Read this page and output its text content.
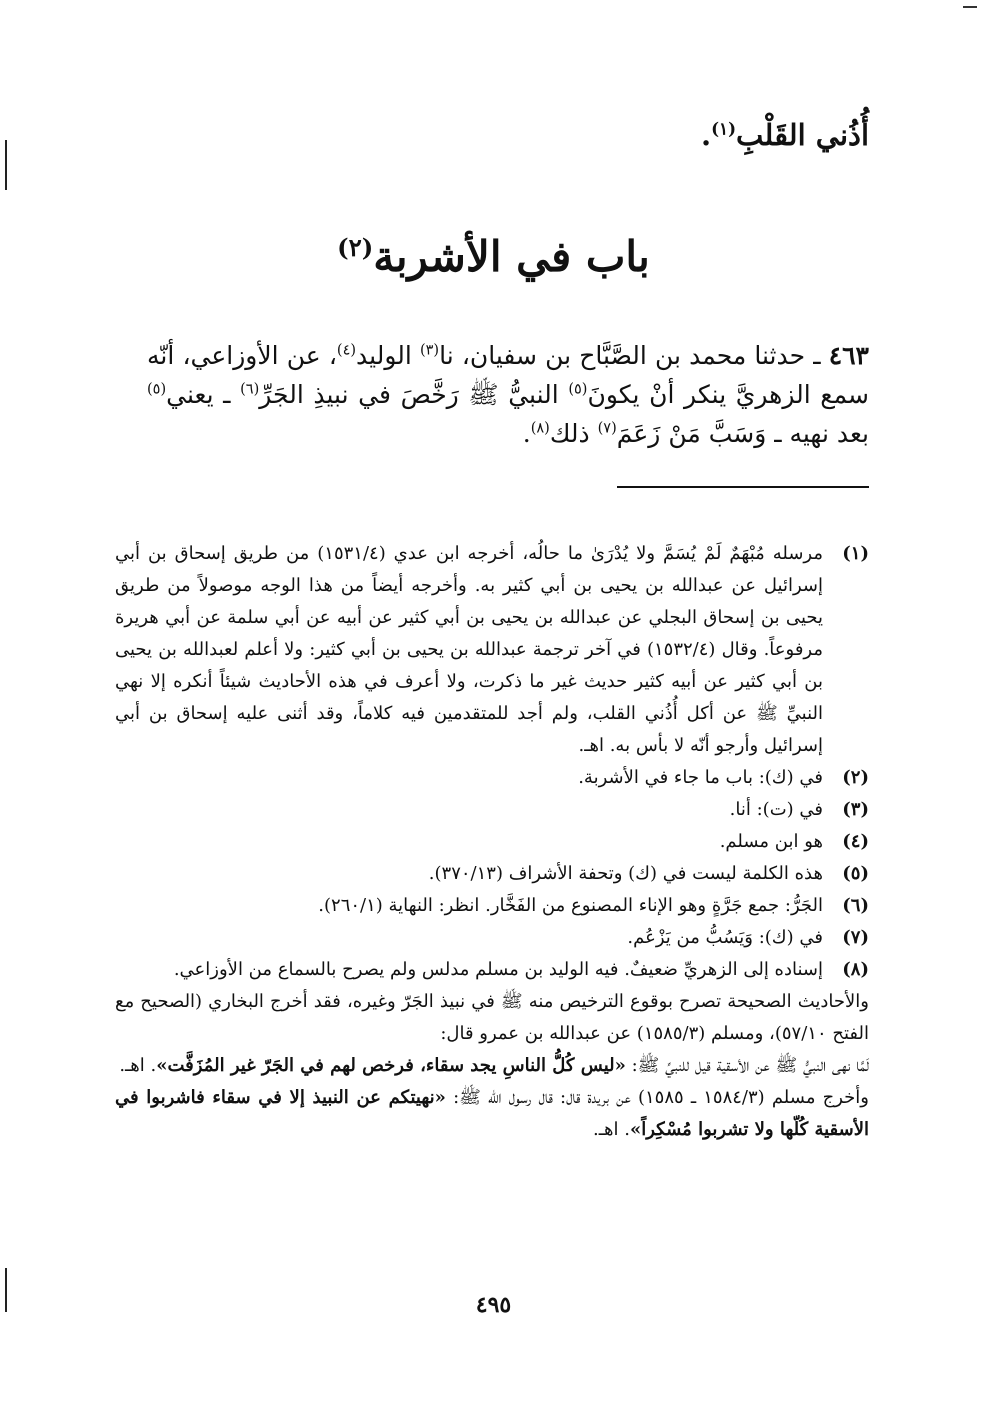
أُذُني القَلْبِ$^{(١)}$.
باب في الأشربة$^{(٢)}$
٤٦٣ ـ حدثنا محمد بن الصَّبَّاح بن سفيان، نا$^{(٣)}$ الوليد$^{(٤)}$، عن الأوزاعي، أنّه سمع الزهريَّ ينكر أنْ يكونَ$^{(٥)}$ النبيُّ ﷺ رَخَّصَ في نبيذِ الجَرِّ$^{(٦)}$ ـ يعني$^{(٥)}$ بعد نهيه ـ وَسَبَّ مَنْ زَعَمَ$^{(٧)}$ ذلك$^{(٨)}$.
(١)
مرسله مُبْهَمٌ لَمْ يُسَمَّ ولا يُدْرَىٰ ما حالُه، أخرجه ابن عدي (١٥٣١/٤) من طريق إسحاق بن أبي إسرائيل عن عبدالله بن يحيى بن أبي كثير به. وأخرجه أيضاً من هذا الوجه موصولاً من طريق يحيى بن إسحاق البجلي عن عبدالله بن يحيى بن أبي كثير عن أبيه عن أبي سلمة عن أبي هريرة مرفوعاً. وقال (١٥٣٢/٤) في آخر ترجمة عبدالله بن يحيى بن أبي كثير: ولا أعلم لعبدالله بن يحيى بن أبي كثير عن أبيه كثير حديث غير ما ذكرت، ولا أعرف في هذه الأحاديث شيئاً أنكره إلا نهي النبيِّ ﷺ عن أكل أُذُني القلب، ولم أجد للمتقدمين فيه كلاماً، وقد أثنى عليه إسحاق بن أبي إسرائيل وأرجو أنّه لا بأس به. اهـ.
(٢)
في (ك): باب ما جاء في الأشربة.
(٣)
في (ت): أنا.
(٤)
هو ابن مسلم.
(٥)
هذه الكلمة ليست في (ك) وتحفة الأشراف (٣٧٠/١٣).
(٦)
الجَرُّ: جمع جَرَّةٍ وهو الإناء المصنوع من الفَخَّار. انظر: النهاية (٢٦٠/١).
(٧)
في (ك): وَيَسُبُّ من يَزْعُم.
(٨)
إسناده إلى الزهريِّ ضعيفٌ. فيه الوليد بن مسلم مدلس ولم يصرح بالسماع من الأوزاعي.
والأحاديث الصحيحة تصرح بوقوع الترخيص منه ﷺ في نبيذ الجَرّ وغيره، فقد أخرج البخاري (الصحيح مع الفتح ٥٧/١٠)، ومسلم (١٥٨٥/٣) عن عبدالله بن عمرو قال:
لَمَّا نهى النبيُّ ﷺ عن الأسقية قيل للنبيِّ ﷺ: «ليس كُلُّ الناسِ يجد سقاء، فرخص لهم في الجَرّ غير المُزَفَّت». اهـ.
وأخرج مسلم (١٥٨٤/٣ ـ ١٥٨٥) عن بريدة قال: قال رسول الله ﷺ: «نهيتكم عن النبيذ إلا في سقاء فاشربوا في الأسقية كُلّها ولا تشربوا مُسْكِراً». اهـ.
٤٩٥
